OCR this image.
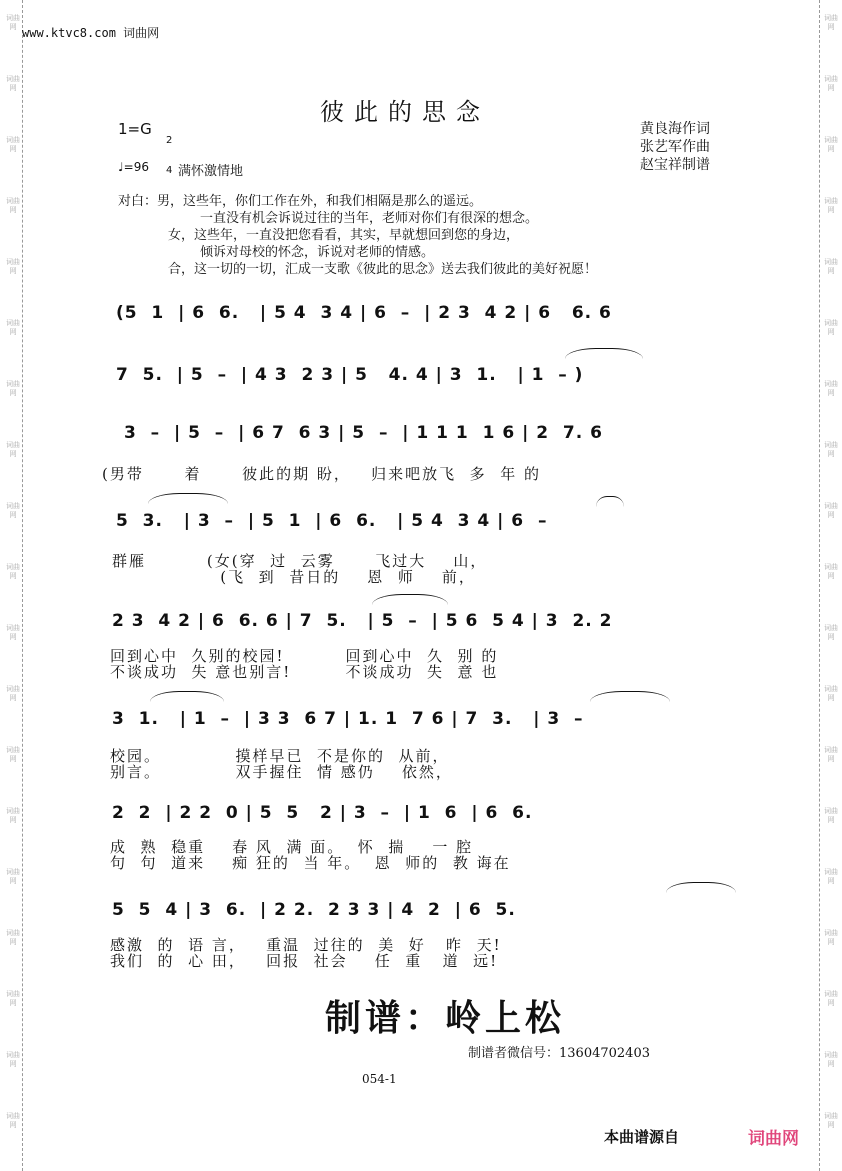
词曲网
词曲网
词曲网
词曲网
词曲网
词曲网
词曲网
词曲网
词曲网
词曲网
词曲网
词曲网
词曲网
词曲网
词曲网
词曲网
词曲网
词曲网
词曲网
词曲网
词曲网
词曲网
词曲网
词曲网
词曲网
词曲网
词曲网
词曲网
词曲网
词曲网
词曲网
词曲网
词曲网
词曲网
词曲网
词曲网
词曲网
词曲网
www.ktvc8.com 词曲网
彼此的思念
黄良海作词
张艺军作曲
赵宝祥制谱
1=G

2

4

♩=96 满怀激情地
对白：男，这些年，你们工作在外，和我们相隔是那么的遥远。
一直没有机会诉说过往的当年，老师对你们有很深的想念。
女，这些年，一直没把您看看，其实，早就想回到您的身边，
倾诉对母校的怀念，诉说对老师的情感。
合，这一切的一切，汇成一支歌《彼此的思念》送去我们彼此的美好祝愿！
(5  1  | 6  6.   | 5 4  3 4 | 6  –  | 2 3  4 2 | 6   6. 6
7  5.  | 5  –  | 4 3  2 3 | 5   4. 4 | 3  1.   | 1  – )
3  –  | 5  –  | 6 7  6 3 | 5  –  | 1 1 1  1 6 | 2  7. 6
(男带      着      彼此的期 盼，   归来吧放飞  多  年 的
5  3.   | 3  –  | 5  1  | 6  6.   | 5 4  3 4 | 6  –
群雁         (女(穿  过  云雾      飞过大    山，
(飞  到  昔日的    恩  师    前，
2 3  4 2 | 6  6. 6 | 7  5.   | 5  –  | 5 6  5 4 | 3  2. 2
回到心中  久别的校园!         回到心中  久  别 的
不谈成功  失 意也别言!        不谈成功  失  意 也
3  1.   | 1  –  | 3 3  6 7 | 1. 1  7 6 | 7  3.   | 3  –
校园。           摸样早已  不是你的  从前，
别言。           双手握住  情 感仍    依然，
2  2  | 2 2  0 | 5  5   2 | 3  –  | 1  6  | 6  6.
成  熟  稳重    春 风  满 面。  怀  揣    一 腔
句  句  道来    痴 狂的  当 年。  恩  师的  教 诲在
5  5  4 | 3  6.  | 2 2.  2 3 3 | 4  2  | 6  5.
感激  的  语 言，   重温  过往的  美  好   昨  天!
我们  的  心 田，   回报  社会    任  重   道  远!
制谱：岭上松
制谱者微信号：13604702403
054-1
本曲谱源自	词曲网
